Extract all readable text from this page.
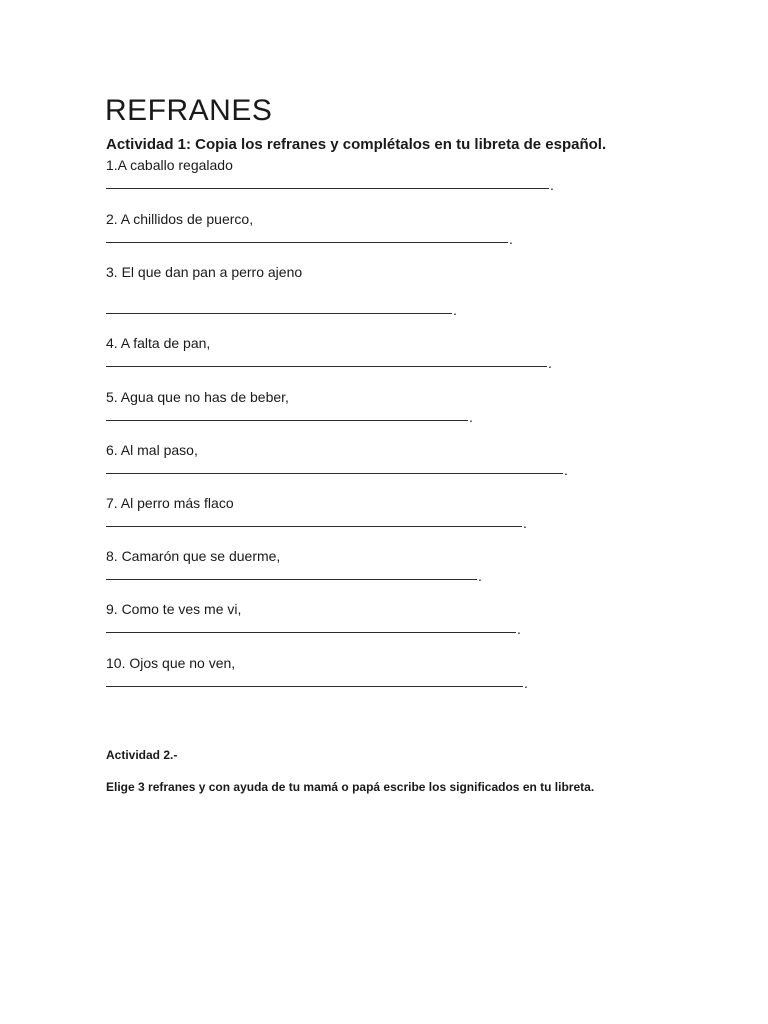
REFRANES
Actividad 1: Copia los refranes y complétalos en tu libreta de español.
1.A caballo regalado
.
2. A chillidos de puerco,
.
3. El que dan pan a perro ajeno
.
4. A falta de pan,
.
5. Agua que no has de beber,
.
6. Al mal paso,
.
7. Al perro más flaco
.
8. Camarón que se duerme,
.
9. Como te ves me vi,
.
10. Ojos que no ven,
.
Actividad 2.-

Elige 3 refranes y con ayuda de tu mamá o papá escribe los significados en tu libreta.
